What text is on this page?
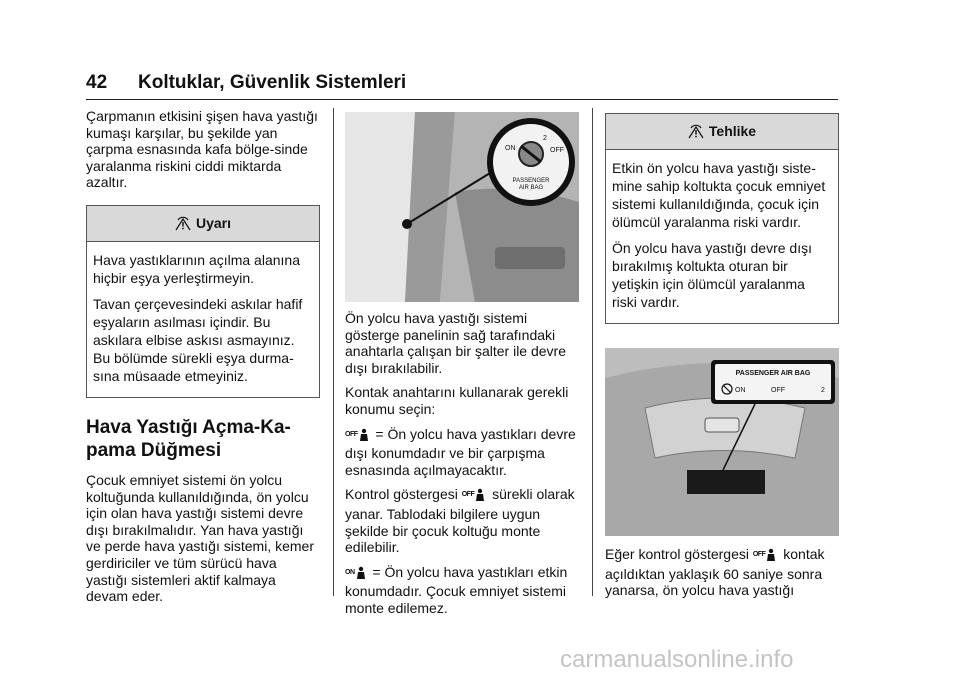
42 Koltuklar, Güvenlik Sistemleri

Çarpmanın etkisini şişen hava yastığı kumaşı karşılar, bu şekilde yan çarpma esnasında kafa bölge-sinde yaralanma riskini ciddi miktarda azaltır.

Uyarı

Hava yastıklarının açılma alanına hiçbir eşya yerleştirmeyin.

Tavan çerçevesindeki askılar hafif eşyaların asılması içindir. Bu askılara elbise askısı asmayınız. Bu bölümde sürekli eşya durma-sına müsaade etmeyiniz.

Hava Yastığı Açma-Ka-pama Düğmesi

Çocuk emniyet sistemi ön yolcu koltuğunda kullanıldığında, ön yolcu için olan hava yastığı sistemi devre dışı bırakılmalıdır. Yan hava yastığı ve perde hava yastığı sistemi, kemer gerdiriciler ve tüm sürücü hava yastığı sistemleri aktif kalmaya devam eder.

ON
2
OFF
PASSENGER
AIR BAG

Ön yolcu hava yastığı sistemi gösterge panelinin sağ tarafındaki anahtarla çalışan bir şalter ile devre dışı bırakılabilir.

Kontak anahtarını kullanarak gerekli konumu seçin:

$^{OFF}$ = Ön yolcu hava yastıkları devre dışı konumdadır ve bir çarpışma esnasında açılmayacaktır.

Kontrol göstergesi $^{OFF}$ sürekli olarak yanar. Tablodaki bilgilere uygun şekilde bir çocuk koltuğu monte edilebilir.

$^{ON}$ = Ön yolcu hava yastıkları etkin konumdadır. Çocuk emniyet sistemi monte edilemez.

Tehlike

Etkin ön yolcu hava yastığı siste-mine sahip koltukta çocuk emniyet sistemi kullanıldığında, çocuk için ölümcül yaralanma riski vardır.

Ön yolcu hava yastığı devre dışı bırakılmış koltukta oturan bir yetişkin için ölümcül yaralanma riski vardır.

PASSENGER AIR BAG
ON	OFF	2

Eğer kontrol göstergesi $^{OFF}$ kontak açıldıktan yaklaşık 60 saniye sonra yanarsa, ön yolcu hava yastığı

carmanualsonline.info
